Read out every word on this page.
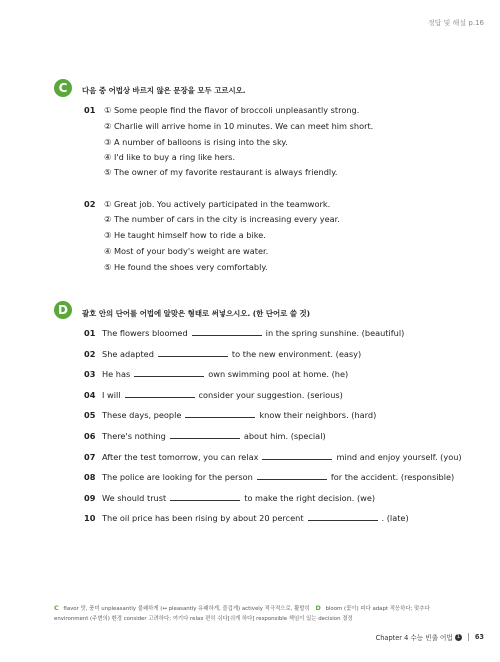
정답 및 해설 p.16
C	다음 중 어법상 바르지 않은 문장을 모두 고르시오.
01 ① Some people find the flavor of broccoli unpleasantly strong.
② Charlie will arrive home in 10 minutes. We can meet him short.
③ A number of balloons is rising into the sky.
④ I'd like to buy a ring like hers.
⑤ The owner of my favorite restaurant is always friendly.
02 ① Great job. You actively participated in the teamwork.
② The number of cars in the city is increasing every year.
③ He taught himself how to ride a bike.
④ Most of your body's weight are water.
⑤ He found the shoes very comfortably.
D	괄호 안의 단어를 어법에 알맞은 형태로 써넣으시오. (한 단어로 쓸 것)
01 The flowers bloomed	in the spring sunshine. (beautiful)
02 She adapted	to the new environment. (easy)
03 He has	own swimming pool at home. (he)
04 I will	consider your suggestion. (serious)
05 These days, people	know their neighbors. (hard)
06 There's nothing	about him. (special)
07 After the test tomorrow, you can relax	mind and enjoy yourself. (you)
08 The police are looking for the person	for the accident. (responsible)
09 We should trust	to make the right decision. (we)
10 The oil price has been rising by about 20 percent	. (late)
C flavor 맛, 풍미 unpleasantly 불쾌하게 (↔ pleasantly 유쾌하게, 즐겁게) actively 적극적으로, 활발히 D bloom (꽃이) 피다 adapt 적응하다; 맞추다
environment (주변의) 환경 consider 고려하다; 여기다 relax 편히 쉬다[쉬게 하다] responsible 책임이 있는 decision 결정
Chapter 4 수능 빈출 어법 1 63
